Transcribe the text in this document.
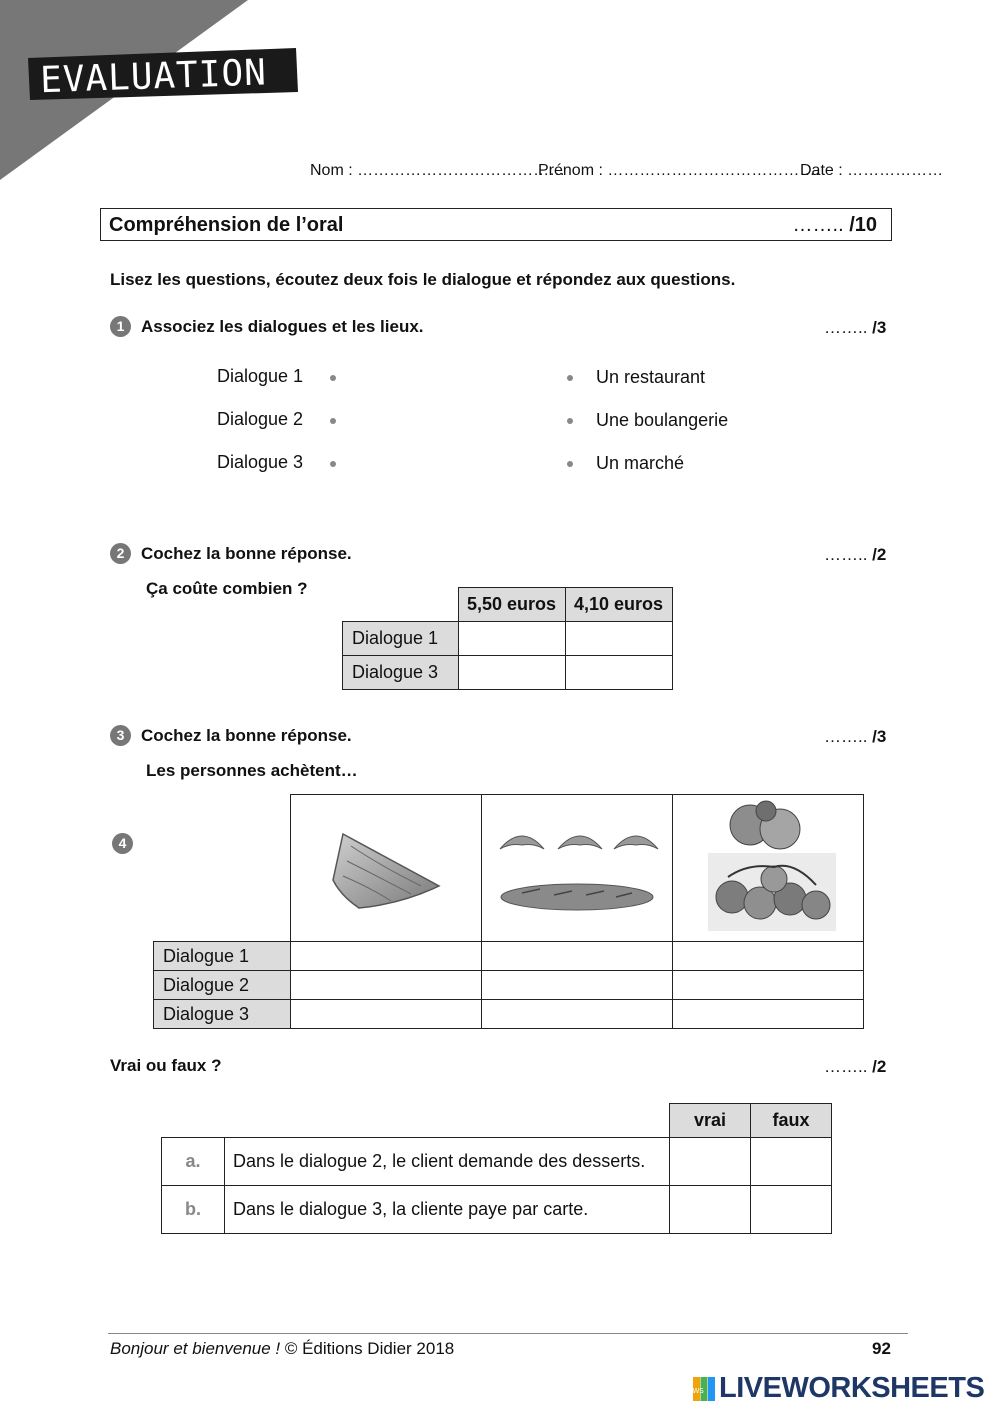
EVALUATION
Nom : …………………………………
Prénom : ………………………………….
Date : ………………
Compréhension de l’oral	…….. /10
Lisez les questions, écoutez deux fois le dialogue et répondez aux questions.
1 Associez les dialogues et les lieux.	…….. /3
Dialogue 1
Dialogue 2
Dialogue 3
Un restaurant
Une boulangerie
Un marché
2 Cochez la bonne réponse.	…….. /2
Ça coûte combien ?
	5,50 euros	4,10 euros
Dialogue 1		
Dialogue 3		
3 Cochez la bonne réponse.	…….. /3
Les personnes achètent…

Dialogue 1			
Dialogue 2			
Dialogue 3			
4
Vrai ou faux ?	…….. /2
		vrai	faux
a.	Dans le dialogue 2, le client demande des desserts.		
b.	Dans le dialogue 3, la cliente paye par carte.		
Bonjour et bienvenue ! © Éditions Didier 2018	92
LWS LIVEWORKSHEETS
